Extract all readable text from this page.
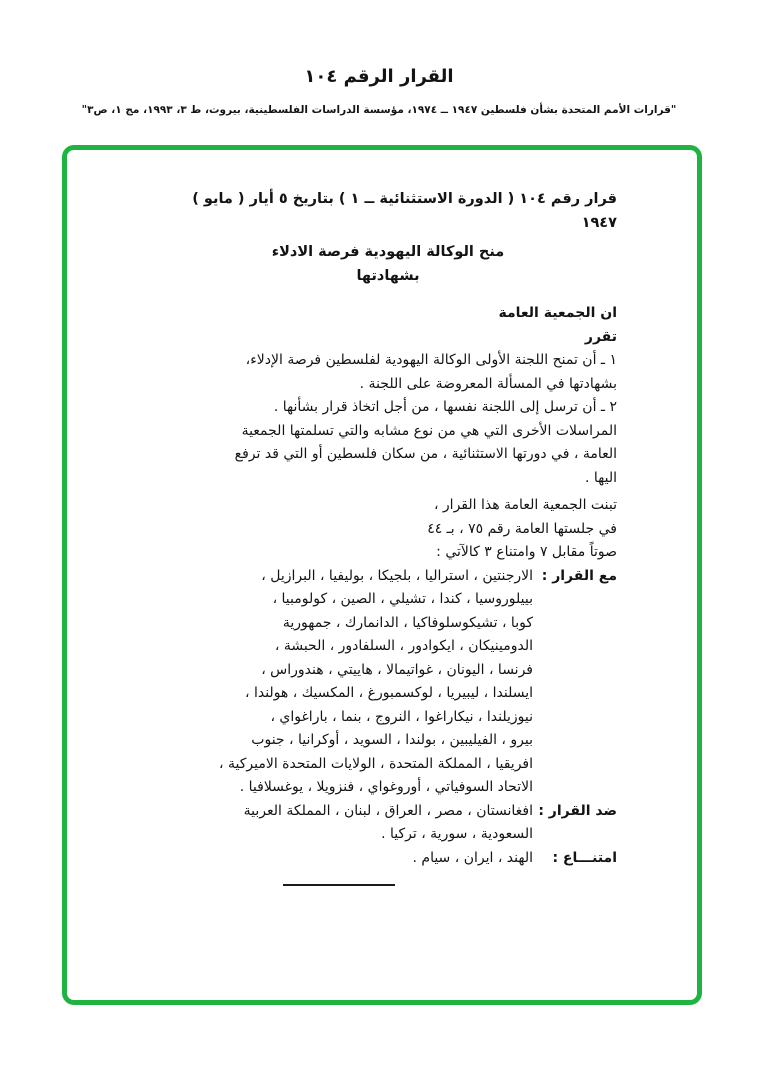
القرار الرقم ١٠٤
"قرارات الأمم المتحدة بشأن فلسطين ١٩٤٧ ــ ١٩٧٤، مؤسسة الدراسات الفلسطينية، بيروت، ط ٣، ١٩٩٣، مج ١، ص٣"
قرار رقم ١٠٤ ( الدورة الاستثنائية ــ ١ ) بتاريخ ٥ أيار ( مايو )
١٩٤٧
منح الوكالة اليهودية فرصة الادلاء
بشهادتها
ان الجمعية العامة
تقرر
١ ـ أن تمنح اللجنة الأولى الوكالة اليهودية لفلسطين فرصة الإدلاء،
بشهادتها في المسألة المعروضة على اللجنة .
٢ ـ أن ترسل إلى اللجنة نفسها ، من أجل اتخاذ قرار بشأنها .
المراسلات الأخرى التي هي من نوع مشابه والتي تسلمتها الجمعية
العامة ، في دورتها الاستثنائية ، من سكان فلسطين أو التي قد ترفع
اليها .
تبنت الجمعية العامة هذا القرار ،
في جلستها العامة رقم ٧٥ ، بـ ٤٤
صوتاً مقابل ٧ وامتناع ٣ كالآتي :
مع القرار :
الارجنتين ، استراليا ، بلجيكا ، بوليفيا ، البرازيل ،
بييلوروسيا ، كندا ، تشيلي ، الصين ، كولومبيا ،
كوبا ، تشيكوسلوفاكيا ، الدانمارك ، جمهورية
الدومينيكان ، ايكوادور ، السلفادور ، الحبشة ،
فرنسا ، اليونان ، غواتيمالا ، هاييتي ، هندوراس ،
ايسلندا ، ليبيريا ، لوكسمبورغ ، المكسيك ، هولندا ،
نيوزيلندا ، نيكاراغوا ، النروج ، بنما ، باراغواي ،
بيرو ، الفيليبين ، بولندا ، السويد ، أوكرانيا ، جنوب
افريقيا ، المملكة المتحدة ، الولايات المتحدة الاميركية ،
الاتحاد السوفياتي ، أوروغواي ، فنزويلا ، يوغسلافيا .
ضد القرار :
افغانستان ، مصر ، العراق ، لبنان ، المملكة العربية
السعودية ، سورية ، تركيا .
امتنـــاع :
الهند ، ايران ، سيام .
